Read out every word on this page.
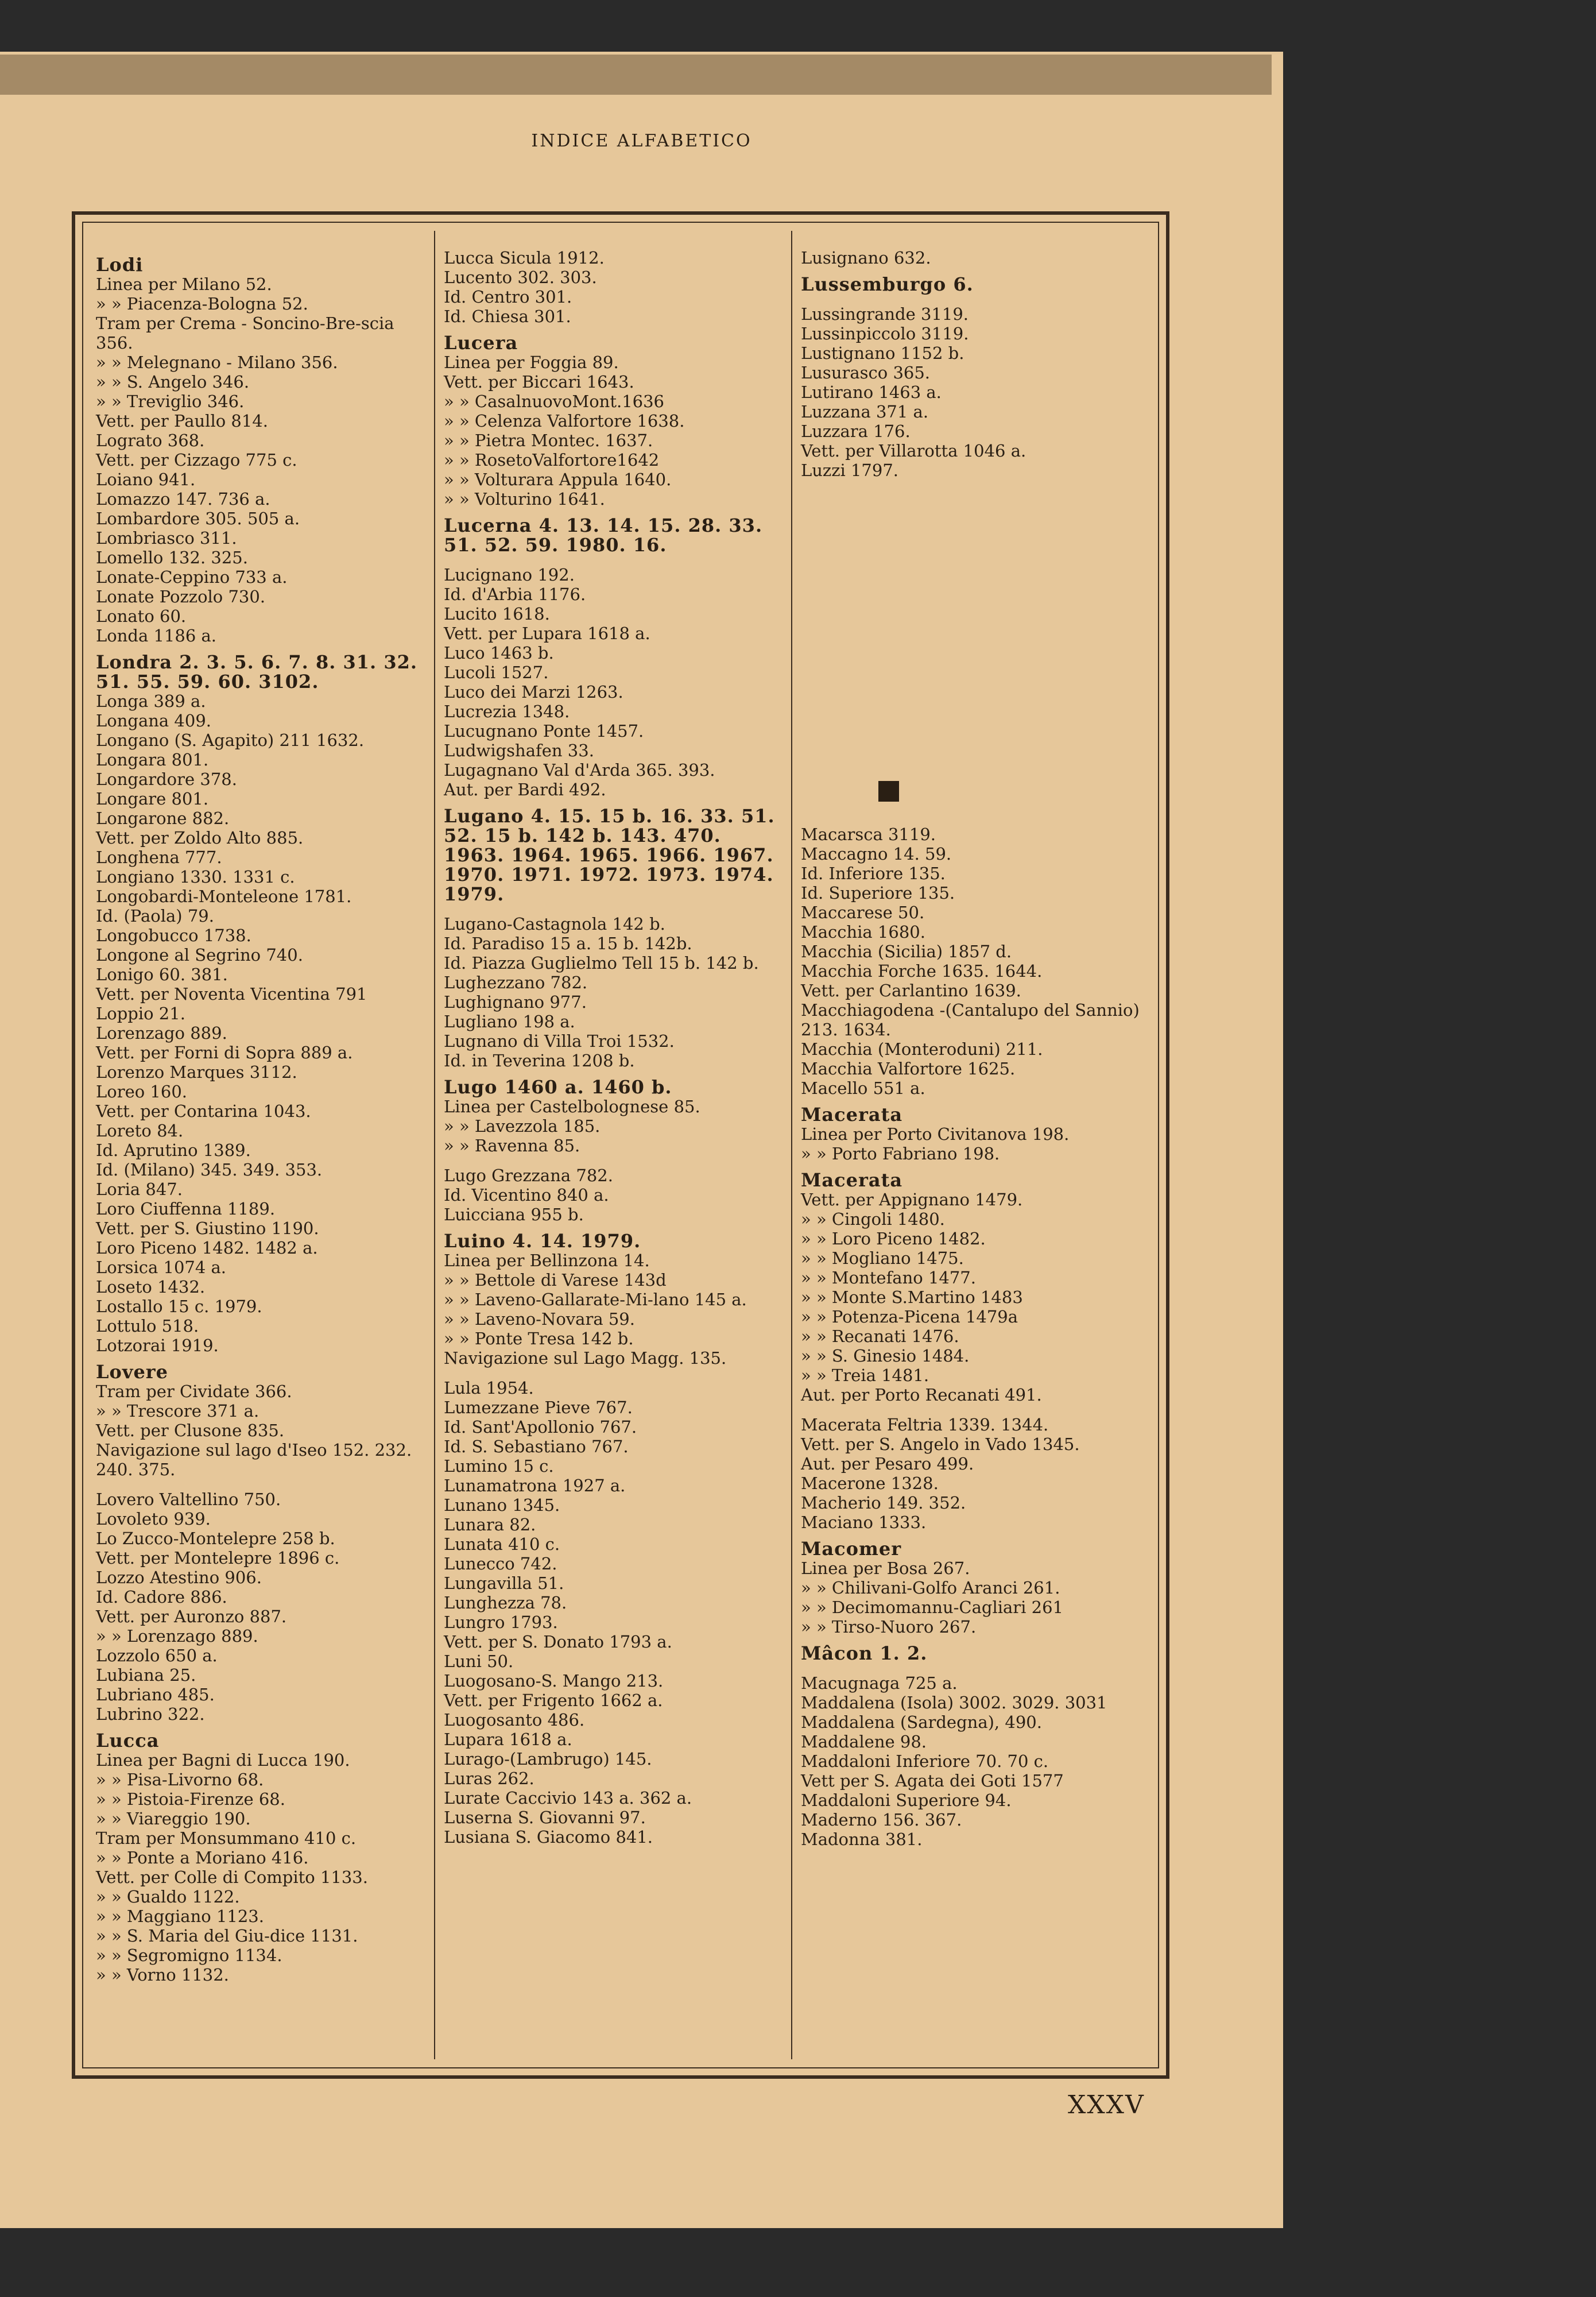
INDICE ALFABETICO
Lodi
Linea per Milano 52.
» » Piacenza-Bologna 52.
Tram per Crema - Soncino-Bre-scia 356.
» » Melegnano - Milano 356.
» » S. Angelo 346.
» » Treviglio 346.
Vett. per Paullo 814.
Lograto 368.
Vett. per Cizzago 775 c.
Loiano 941.
Lomazzo 147. 736 a.
Lombardore 305. 505 a.
Lombriasco 311.
Lomello 132. 325.
Lonate-Ceppino 733 a.
Lonate Pozzolo 730.
Lonato 60.
Londa 1186 a.
Londra 2. 3. 5. 6. 7. 8. 31. 32. 51. 55. 59. 60. 3102.
Longa 389 a.
Longana 409.
Longano (S. Agapito) 211 1632.
Longara 801.
Longardore 378.
Longare 801.
Longarone 882.
Vett. per Zoldo Alto 885.
Longhena 777.
Longiano 1330. 1331 c.
Longobardi-Monteleone 1781.
Id. (Paola) 79.
Longobucco 1738.
Longone al Segrino 740.
Lonigo 60. 381.
Vett. per Noventa Vicentina 791
Loppio 21.
Lorenzago 889.
Vett. per Forni di Sopra 889 a.
Lorenzo Marques 3112.
Loreo 160.
Vett. per Contarina 1043.
Loreto 84.
Id. Aprutino 1389.
Id. (Milano) 345. 349. 353.
Loria 847.
Loro Ciuffenna 1189.
Vett. per S. Giustino 1190.
Loro Piceno 1482. 1482 a.
Lorsica 1074 a.
Loseto 1432.
Lostallo 15 c. 1979.
Lottulo 518.
Lotzorai 1919.
Lovere
Tram per Cividate 366.
» » Trescore 371 a.
Vett. per Clusone 835.
Navigazione sul lago d'Iseo 152. 232. 240. 375.
Lovero Valtellino 750.
Lovoleto 939.
Lo Zucco-Montelepre 258 b.
Vett. per Montelepre 1896 c.
Lozzo Atestino 906.
Id. Cadore 886.
Vett. per Auronzo 887.
» » Lorenzago 889.
Lozzolo 650 a.
Lubiana 25.
Lubriano 485.
Lubrino 322.
Lucca
Linea per Bagni di Lucca 190.
» » Pisa-Livorno 68.
» » Pistoia-Firenze 68.
» » Viareggio 190.
Tram per Monsummano 410 c.
» » Ponte a Moriano 416.
Vett. per Colle di Compito 1133.
» » Gualdo 1122.
» » Maggiano 1123.
» » S. Maria del Giu-dice 1131.
» » Segromigno 1134.
» » Vorno 1132.
Lucca Sicula 1912.
Lucento 302. 303.
Id. Centro 301.
Id. Chiesa 301.
Lucera
Linea per Foggia 89.
Vett. per Biccari 1643.
» » CasalnuovoMont.1636
» » Celenza Valfortore 1638.
» » Pietra Montec. 1637.
» » RosetoValfortore1642
» » Volturara Appula 1640.
» » Volturino 1641.
Lucerna 4. 13. 14. 15. 28. 33. 51. 52. 59. 1980. 16.
Lucignano 192.
Id. d'Arbia 1176.
Lucito 1618.
Vett. per Lupara 1618 a.
Luco 1463 b.
Lucoli 1527.
Luco dei Marzi 1263.
Lucrezia 1348.
Lucugnano Ponte 1457.
Ludwigshafen 33.
Lugagnano Val d'Arda 365. 393.
Aut. per Bardi 492.
Lugano 4. 15. 15 b. 16. 33. 51. 52. 15 b. 142 b. 143. 470. 1963. 1964. 1965. 1966. 1967. 1970. 1971. 1972. 1973. 1974. 1979.
Lugano-Castagnola 142 b.
Id. Paradiso 15 a. 15 b. 142b.
Id. Piazza Guglielmo Tell 15 b. 142 b.
Lughezzano 782.
Lughignano 977.
Lugliano 198 a.
Lugnano di Villa Troi 1532.
Id. in Teverina 1208 b.
Lugo 1460 a. 1460 b.
Linea per Castelbolognese 85.
» » Lavezzola 185.
» » Ravenna 85.
Lugo Grezzana 782.
Id. Vicentino 840 a.
Luicciana 955 b.
Luino 4. 14. 1979.
Linea per Bellinzona 14.
» » Bettole di Varese 143d
» » Laveno-Gallarate-Mi-lano 145 a.
» » Laveno-Novara 59.
» » Ponte Tresa 142 b.
Navigazione sul Lago Magg. 135.
Lula 1954.
Lumezzane Pieve 767.
Id. Sant'Apollonio 767.
Id. S. Sebastiano 767.
Lumino 15 c.
Lunamatrona 1927 a.
Lunano 1345.
Lunara 82.
Lunata 410 c.
Lunecco 742.
Lungavilla 51.
Lunghezza 78.
Lungro 1793.
Vett. per S. Donato 1793 a.
Luni 50.
Luogosano-S. Mango 213.
Vett. per Frigento 1662 a.
Luogosanto 486.
Lupara 1618 a.
Lurago-(Lambrugo) 145.
Luras 262.
Lurate Caccivio 143 a. 362 a.
Luserna S. Giovanni 97.
Lusiana S. Giacomo 841.
Lusignano 632.
Lussemburgo 6.
Lussingrande 3119.
Lussinpiccolo 3119.
Lustignano 1152 b.
Lusurasco 365.
Lutirano 1463 a.
Luzzana 371 a.
Luzzara 176.
Vett. per Villarotta 1046 a.
Luzzi 1797.
Macarsca 3119.
Maccagno 14. 59.
Id. Inferiore 135.
Id. Superiore 135.
Maccarese 50.
Macchia 1680.
Macchia (Sicilia) 1857 d.
Macchia Forche 1635. 1644.
Vett. per Carlantino 1639.
Macchiagodena -(Cantalupo del Sannio) 213. 1634.
Macchia (Monteroduni) 211.
Macchia Valfortore 1625.
Macello 551 a.
Macerata
Linea per Porto Civitanova 198.
» » Porto Fabriano 198.
Macerata
Vett. per Appignano 1479.
» » Cingoli 1480.
» » Loro Piceno 1482.
» » Mogliano 1475.
» » Montefano 1477.
» » Monte S.Martino 1483
» » Potenza-Picena 1479a
» » Recanati 1476.
» » S. Ginesio 1484.
» » Treia 1481.
Aut. per Porto Recanati 491.
Macerata Feltria 1339. 1344.
Vett. per S. Angelo in Vado 1345.
Aut. per Pesaro 499.
Macerone 1328.
Macherio 149. 352.
Maciano 1333.
Macomer
Linea per Bosa 267.
» » Chilivani-Golfo Aranci 261.
» » Decimomannu-Cagliari 261
» » Tirso-Nuoro 267.
Mâcon 1. 2.
Macugnaga 725 a.
Maddalena (Isola) 3002. 3029. 3031
Maddalena (Sardegna), 490.
Maddalene 98.
Maddaloni Inferiore 70. 70 c.
Vett per S. Agata dei Goti 1577
Maddaloni Superiore 94.
Maderno 156. 367.
Madonna 381.
XXXV
